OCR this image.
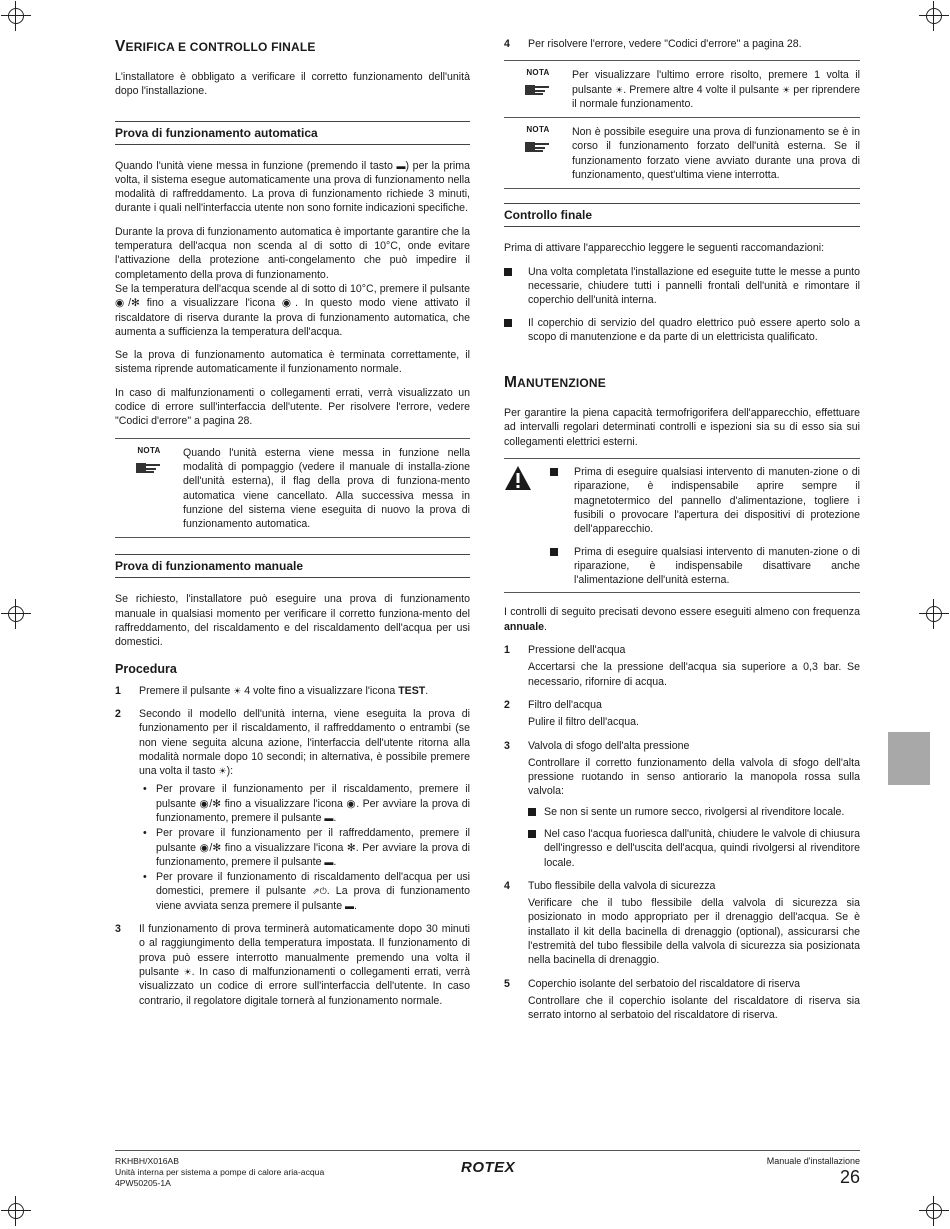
VERIFICA E CONTROLLO FINALE

L'installatore è obbligato a verificare il corretto funzionamento dell'unità dopo l'installazione.

Prova di funzionamento automatica

Quando l'unità viene messa in funzione (premendo il tasto ▬) per la prima volta, il sistema esegue automaticamente una prova di funzionamento nella modalità di raffreddamento. La prova di funzionamento richiede 3 minuti, durante i quali nell'interfaccia utente non sono fornite indicazioni specifiche.

Durante la prova di funzionamento automatica è importante garantire che la temperatura dell'acqua non scenda al di sotto di 10°C, onde evitare l'attivazione della protezione anti-congelamento che può impedire il completamento della prova di funzionamento.

Se la temperatura dell'acqua scende al di sotto di 10°C, premere il pulsante ◉/✻ fino a visualizzare l'icona ◉. In questo modo viene attivato il riscaldatore di riserva durante la prova di funzionamento automatica, che aumenta a sufficienza la temperatura dell'acqua.

Se la prova di funzionamento automatica è terminata correttamente, il sistema riprende automaticamente il funzionamento normale.

In caso di malfunzionamenti o collegamenti errati, verrà visualizzato un codice di errore sull'interfaccia dell'utente. Per risolvere l'errore, vedere "Codici d'errore" a pagina 28.

NOTA	Quando l'unità esterna viene messa in funzione nella modalità di pompaggio (vedere il manuale di installa-zione dell'unità esterna), il flag della prova di funziona-mento automatica viene cancellato. Alla successiva messa in funzione del sistema viene eseguita di nuovo la prova di funzionamento automatica.
Prova di funzionamento manuale

Se richiesto, l'installatore può eseguire una prova di funzionamento manuale in qualsiasi momento per verificare il corretto funziona-mento del raffreddamento, del riscaldamento e del riscaldamento dell'acqua per usi domestici.

Procedura
1 Premere il pulsante ☀ 4 volte fino a visualizzare l'icona TEST.
2 Secondo il modello dell'unità interna, viene eseguita la prova di funzionamento per il riscaldamento, il raffreddamento o entrambi (se non viene seguita alcuna azione, l'interfaccia dell'utente ritorna alla modalità normale dopo 10 secondi; in alternativa, è possibile premere una volta il tasto ☀):
• Per provare il funzionamento per il riscaldamento, premere il pulsante ◉/✻ fino a visualizzare l'icona ◉. Per avviare la prova di funzionamento, premere il pulsante ▬.
• Per provare il funzionamento per il raffreddamento, premere il pulsante ◉/✻ fino a visualizzare l'icona ✻. Per avviare la prova di funzionamento, premere il pulsante ▬.
• Per provare il funzionamento di riscaldamento dell'acqua per usi domestici, premere il pulsante ⇗⏻. La prova di funzionamento viene avviata senza premere il pulsante ▬.
3 Il funzionamento di prova terminerà automaticamente dopo 30 minuti o al raggiungimento della temperatura impostata. Il funzionamento di prova può essere interrotto manualmente premendo una volta il pulsante ☀. In caso di malfunzionamenti o collegamenti errati, verrà visualizzato un codice di errore sull'interfaccia dell'utente. In caso contrario, il regolatore digitale tornerà al funzionamento normale.
4 Per risolvere l'errore, vedere "Codici d'errore" a pagina 28.
NOTA	Per visualizzare l'ultimo errore risolto, premere 1 volta il pulsante ☀. Premere altre 4 volte il pulsante ☀ per riprendere il normale funzionamento.
NOTA	Non è possibile eseguire una prova di funzionamento se è in corso il funzionamento forzato dell'unità esterna. Se il funzionamento forzato viene avviato durante una prova di funzionamento, quest'ultima viene interrotta.
Controllo finale

Prima di attivare l'apparecchio leggere le seguenti raccomandazioni:

Una volta completata l'installazione ed eseguite tutte le messe a punto necessarie, chiudere tutti i pannelli frontali dell'unità e rimontare il coperchio dell'unità interna.
Il coperchio di servizio del quadro elettrico può essere aperto solo a scopo di manutenzione e da parte di un elettricista qualificato.
MANUTENZIONE

Per garantire la piena capacità termofrigorifera dell'apparecchio, effettuare ad intervalli regolari determinati controlli e ispezioni sia su di esso sia sui collegamenti elettrici esterni.

Prima di eseguire qualsiasi intervento di manuten-zione o di riparazione, è indispensabile aprire sempre il magnetotermico del pannello d'alimentazione, togliere i fusibili o provocare l'apertura dei dispositivi di protezione dell'apparecchio.
Prima di eseguire qualsiasi intervento di manuten-zione o di riparazione, è indispensabile disattivare anche l'alimentazione dell'unità esterna.

I controlli di seguito precisati devono essere eseguiti almeno con frequenza annuale.

1 Pressione dell'acqua
Accertarsi che la pressione dell'acqua sia superiore a 0,3 bar. Se necessario, rifornire di acqua.
2 Filtro dell'acqua
Pulire il filtro dell'acqua.
3 Valvola di sfogo dell'alta pressione
Controllare il corretto funzionamento della valvola di sfogo dell'alta pressione ruotando in senso antiorario la manopola rossa sulla valvola:
Se non si sente un rumore secco, rivolgersi al rivenditore locale.
Nel caso l'acqua fuoriesca dall'unità, chiudere le valvole di chiusura dell'ingresso e dell'uscita dell'acqua, quindi rivolgersi al rivenditore locale.
4 Tubo flessibile della valvola di sicurezza
Verificare che il tubo flessibile della valvola di sicurezza sia posizionato in modo appropriato per il drenaggio dell'acqua. Se è installato il kit della bacinella di drenaggio (optional), assicurarsi che l'estremità del tubo flessibile della valvola di sicurezza sia posizionata nella bacinella di drenaggio.
5 Coperchio isolante del serbatoio del riscaldatore di riserva
Controllare che il coperchio isolante del riscaldatore di riserva sia serrato intorno al serbatoio del riscaldatore di riserva.
RKHBH/X016AB
Unità interna per sistema a pompe di calore aria-acqua
4PW50205-1A
ROTEX	Manuale d'installazione
26
